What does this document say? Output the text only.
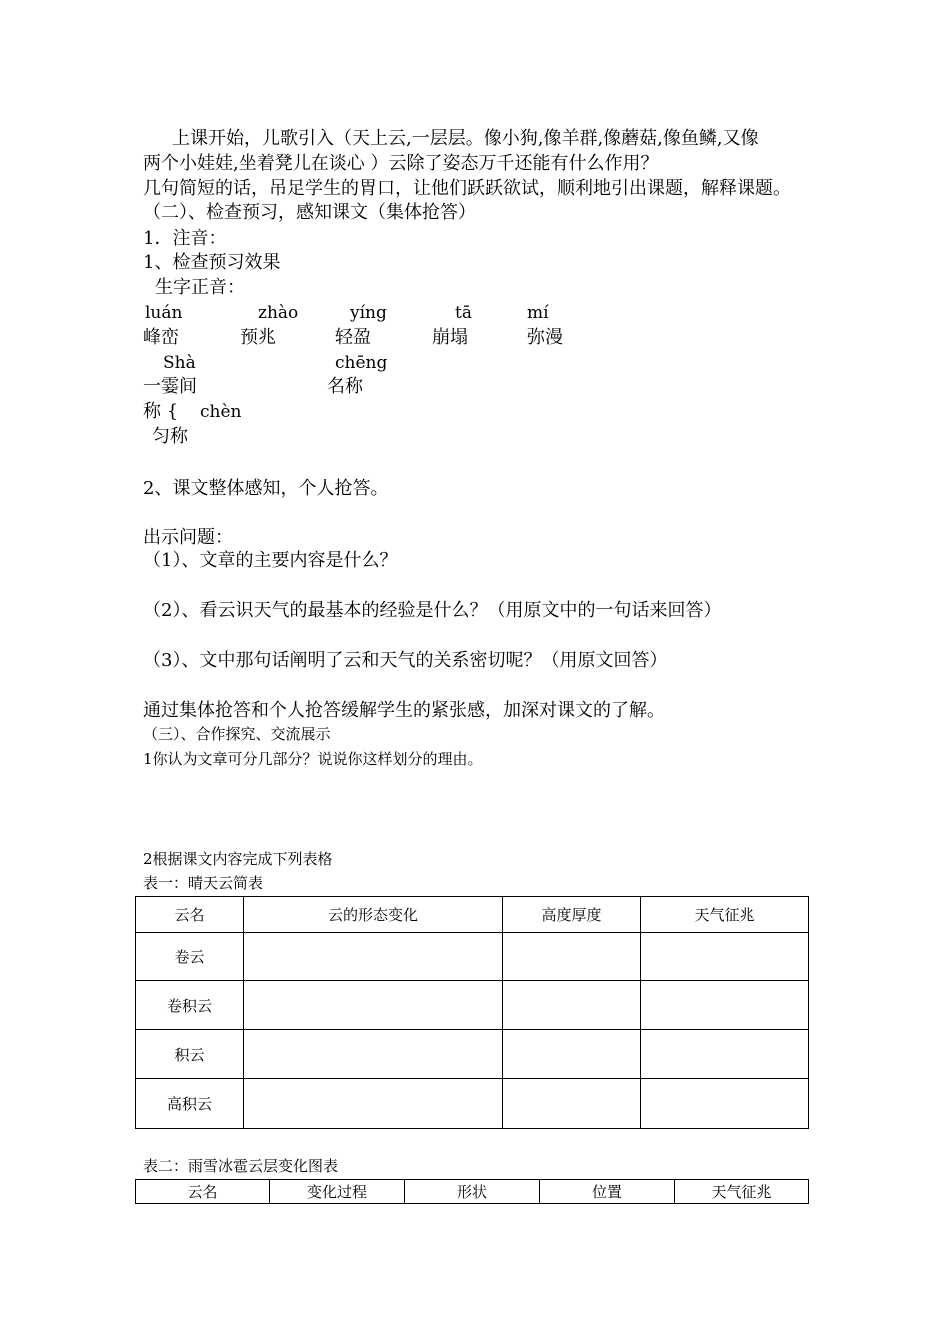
上课开始，儿歌引入（天上云,一层层。像小狗,像羊群,像蘑菇,像鱼鳞,又像
两个小娃娃,坐着凳儿在谈心 ）云除了姿态万千还能有什么作用？
几句简短的话，吊足学生的胃口，让他们跃跃欲试，顺利地引出课题，解释课题。
（二）、检查预习，感知课文（集体抢答）
1．注音：
1、检查预习效果
生字正音：
luán	zhào	yíng	tā	mí
峰峦	预兆	轻盈	崩塌	弥漫
Shà	chēng
一霎间	名称
称 { chèn
匀称
2、课文整体感知，个人抢答。
出示问题：
（1）、文章的主要内容是什么？
（2）、看云识天气的最基本的经验是什么？（用原文中的一句话来回答）
（3）、文中那句话阐明了云和天气的关系密切呢？（用原文回答）
通过集体抢答和个人抢答缓解学生的紧张感，加深对课文的了解。
（三）、合作探究、交流展示
1你认为文章可分几部分？说说你这样划分的理由。
2根据课文内容完成下列表格
表一：晴天云简表
云名	云的形态变化	高度厚度	天气征兆
卷云			
卷积云			
积云			
高积云			
表二：雨雪冰雹云层变化图表
云名	变化过程	形状	位置	天气征兆
